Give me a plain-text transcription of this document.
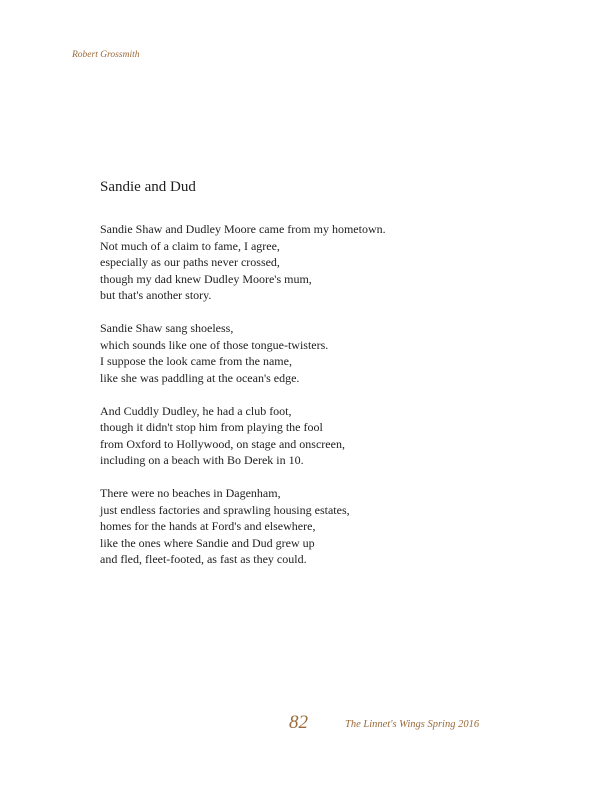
Robert Grossmith
Sandie and Dud
Sandie Shaw and Dudley Moore came from my hometown.
Not much of a claim to fame, I agree,
especially as our paths never crossed,
though my dad knew Dudley Moore's mum,
but that's another story.
Sandie Shaw sang shoeless,
which sounds like one of those tongue-twisters.
I suppose the look came from the name,
like she was paddling at the ocean's edge.
And Cuddly Dudley, he had a club foot,
though it didn't stop him from playing the fool
from Oxford to Hollywood, on stage and onscreen,
including on a beach with Bo Derek in 10.
There were no beaches in Dagenham,
just endless factories and sprawling housing estates,
homes for the hands at Ford's and elsewhere,
like the ones where Sandie and Dud grew up
and fled, fleet-footed, as fast as they could.
82	The Linnet's Wings Spring 2016
